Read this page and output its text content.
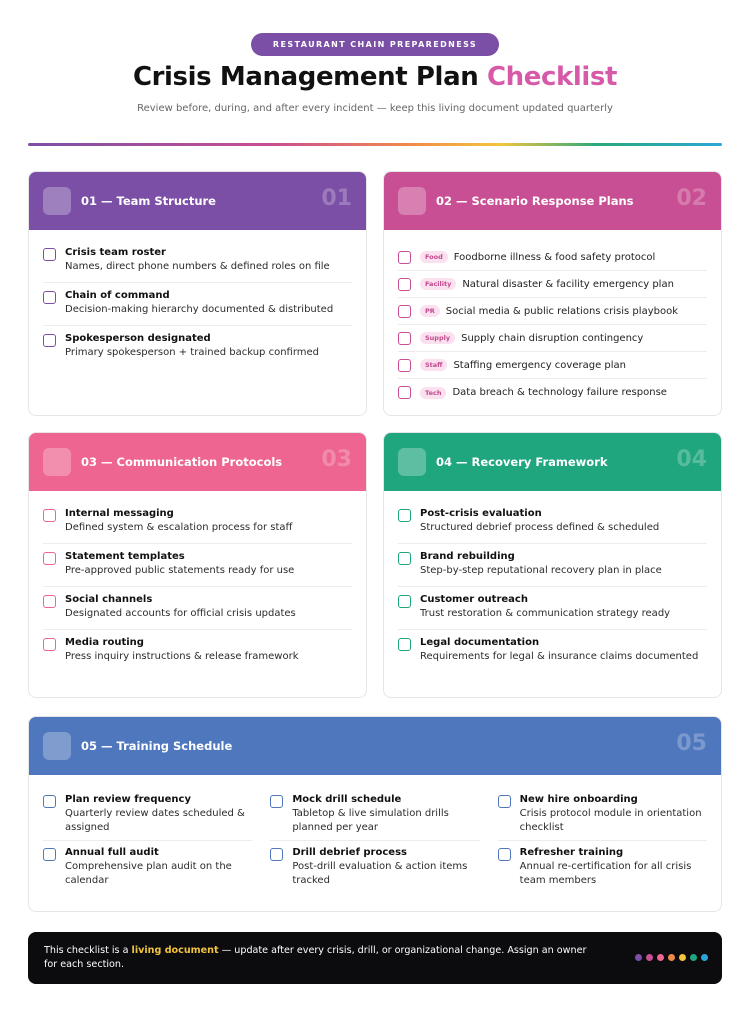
RESTAURANT CHAIN PREPAREDNESS
Crisis Management Plan Checklist
Review before, during, and after every incident — keep this living document updated quarterly
01 — Team Structure	01
Crisis team roster
Names, direct phone numbers & defined roles on file
Chain of command
Decision-making hierarchy documented & distributed
Spokesperson designated
Primary spokesperson + trained backup confirmed
02 — Scenario Response Plans 02
Food	Foodborne illness & food safety protocol
Facility	Natural disaster & facility emergency plan
PR	Social media & public relations crisis playbook
Supply	Supply chain disruption contingency
Staff	Staffing emergency coverage plan
Tech	Data breach & technology failure response
03 — Communication Protocols 03
Internal messaging
Defined system & escalation process for staff
Statement templates
Pre-approved public statements ready for use
Social channels
Designated accounts for official crisis updates
Media routing
Press inquiry instructions & release framework
04 — Recovery Framework	04
Post-crisis evaluation
Structured debrief process defined & scheduled
Brand rebuilding
Step-by-step reputational recovery plan in place
Customer outreach
Trust restoration & communication strategy ready
Legal documentation
Requirements for legal & insurance claims documented
05 — Training Schedule	05
Plan review frequency
Quarterly review dates scheduled & assigned
Annual full audit
Comprehensive plan audit on the calendar
Mock drill schedule
Tabletop & live simulation drills planned per year
Drill debrief process
Post-drill evaluation & action items tracked
New hire onboarding
Crisis protocol module in orientation checklist
Refresher training
Annual re-certification for all crisis team members
This checklist is a living document — update after every crisis, drill, or organizational change. Assign an owner for each section.
